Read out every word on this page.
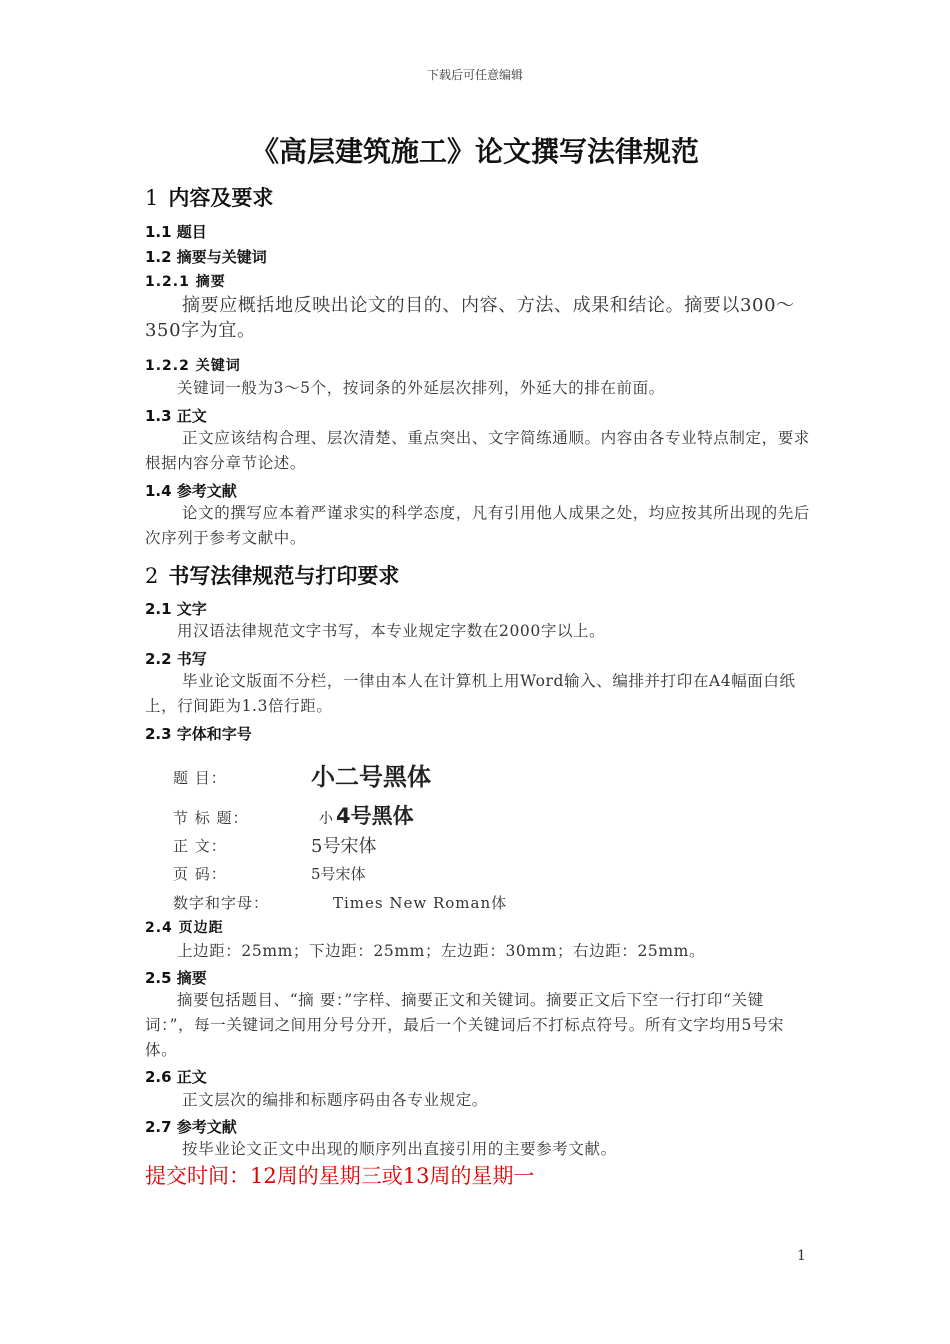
下载后可任意编辑
《高层建筑施工》论文撰写法律规范
1 内容及要求
1.1 题目
1.2 摘要与关键词
1.2.1 摘要
摘要应概括地反映出论文的目的、内容、方法、成果和结论。摘要以300～350字为宜。
1.2.2 关键词
关键词一般为3～5个，按词条的外延层次排列，外延大的排在前面。
1.3 正文
正文应该结构合理、层次清楚、重点突出、文字简练通顺。内容由各专业特点制定，要求根据内容分章节论述。
1.4 参考文献
论文的撰写应本着严谨求实的科学态度，凡有引用他人成果之处，均应按其所出现的先后次序列于参考文献中。
2 书写法律规范与打印要求
2.1 文字
用汉语法律规范文字书写，本专业规定字数在2000字以上。
2.2 书写
毕业论文版面不分栏，一律由本人在计算机上用Word输入、编排并打印在A4幅面白纸上，行间距为1.3倍行距。
2.3 字体和字号
题 目：	小二号黑体
节 标 题：	小 4号黑体
正 文：	5号宋体
页 码：	5号宋体
数字和字母：	Times New Roman体
2.4 页边距
上边距：25mm；下边距：25mm；左边距：30mm；右边距：25mm。
2.5 摘要
摘要包括题目、“摘 要：”字样、摘要正文和关键词。摘要正文后下空一行打印“关键词：”，每一关键词之间用分号分开，最后一个关键词后不打标点符号。所有文字均用5号宋体。
2.6 正文
正文层次的编排和标题序码由各专业规定。
2.7 参考文献
按毕业论文正文中出现的顺序列出直接引用的主要参考文献。
提交时间：12周的星期三或13周的星期一
1
